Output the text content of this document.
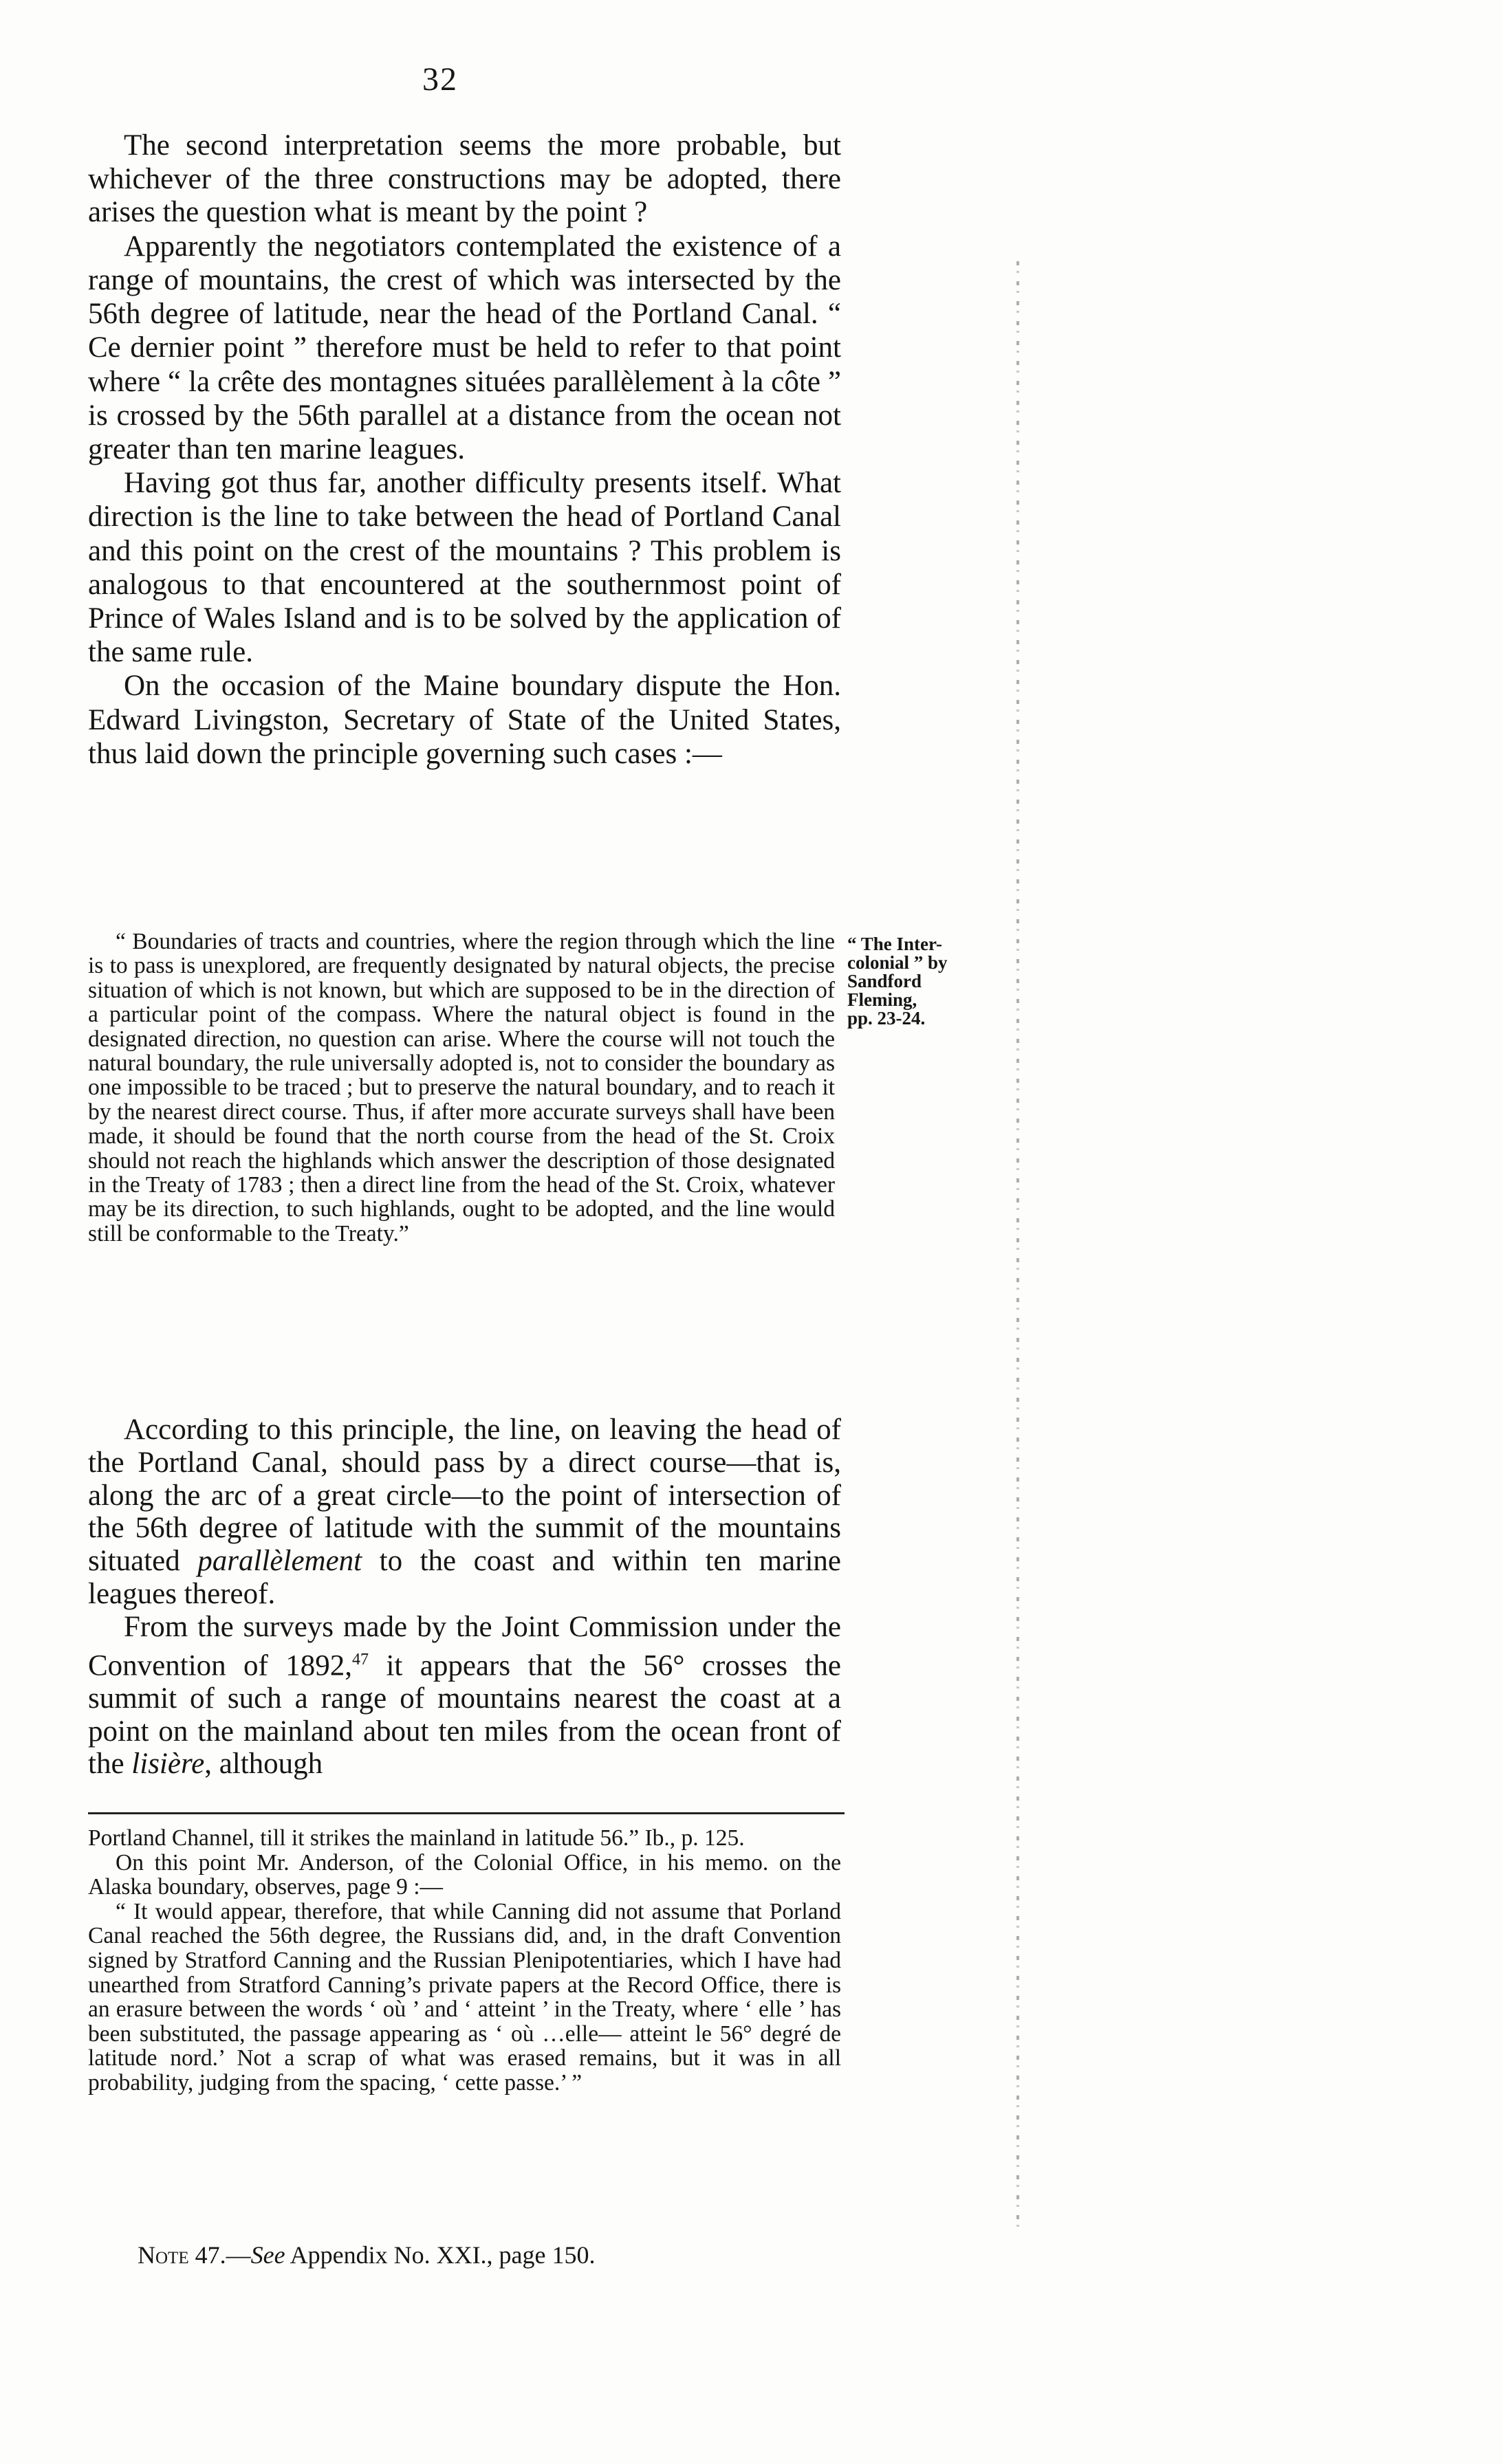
32

The second interpretation seems the more probable, but whichever of the three constructions may be adopted, there arises the question what is meant by the point ?

Apparently the negotiators contemplated the existence of a range of mountains, the crest of which was intersected by the 56th degree of latitude, near the head of the Portland Canal. “ Ce dernier point ” therefore must be held to refer to that point where “ la crête des montagnes situées parallèlement à la côte ” is crossed by the 56th parallel at a distance from the ocean not greater than ten marine leagues.

Having got thus far, another difficulty presents itself. What direction is the line to take between the head of Portland Canal and this point on the crest of the mountains ? This problem is analogous to that encountered at the southernmost point of Prince of Wales Island and is to be solved by the application of the same rule.

On the occasion of the Maine boundary dispute the Hon. Edward Livingston, Secretary of State of the United States, thus laid down the principle governing such cases :—

“ Boundaries of tracts and countries, where the region through which the line is to pass is unexplored, are frequently designated by natural objects, the precise situation of which is not known, but which are supposed to be in the direction of a particular point of the compass. Where the natural object is found in the designated direction, no question can arise. Where the course will not touch the natural boundary, the rule universally adopted is, not to consider the boundary as one impossible to be traced ; but to preserve the natural boundary, and to reach it by the nearest direct course. Thus, if after more accurate surveys shall have been made, it should be found that the north course from the head of the St. Croix should not reach the highlands which answer the description of those designated in the Treaty of 1783 ; then a direct line from the head of the St. Croix, whatever may be its direction, to such highlands, ought to be adopted, and the line would still be conformable to the Treaty.”

“ The Inter-
colonial ” by
Sandford
Fleming,
pp. 23-24.

According to this principle, the line, on leaving the head of the Portland Canal, should pass by a direct course—that is, along the arc of a great circle—to the point of intersection of the 56th degree of latitude with the summit of the mountains situated parallèlement to the coast and within ten marine leagues thereof.

From the surveys made by the Joint Commission under the Convention of 1892,47 it appears that the 56° crosses the summit of such a range of mountains nearest the coast at a point on the mainland about ten miles from the ocean front of the lisière, although

Portland Channel, till it strikes the mainland in latitude 56.” Ib., p. 125.

On this point Mr. Anderson, of the Colonial Office, in his memo. on the Alaska boundary, observes, page 9 :—

“ It would appear, therefore, that while Canning did not assume that Porland Canal reached the 56th degree, the Russians did, and, in the draft Convention signed by Stratford Canning and the Russian Plenipotentiaries, which I have had unearthed from Stratford Canning’s private papers at the Record Office, there is an erasure between the words ‘ où ’ and ‘ atteint ’ in the Treaty, where ‘ elle ’ has been substituted, the passage appearing as ‘ où …elle— atteint le 56° degré de latitude nord.’ Not a scrap of what was erased remains, but it was in all probability, judging from the spacing, ‘ cette passe.’ ”

Note 47.—See Appendix No. XXI., page 150.
